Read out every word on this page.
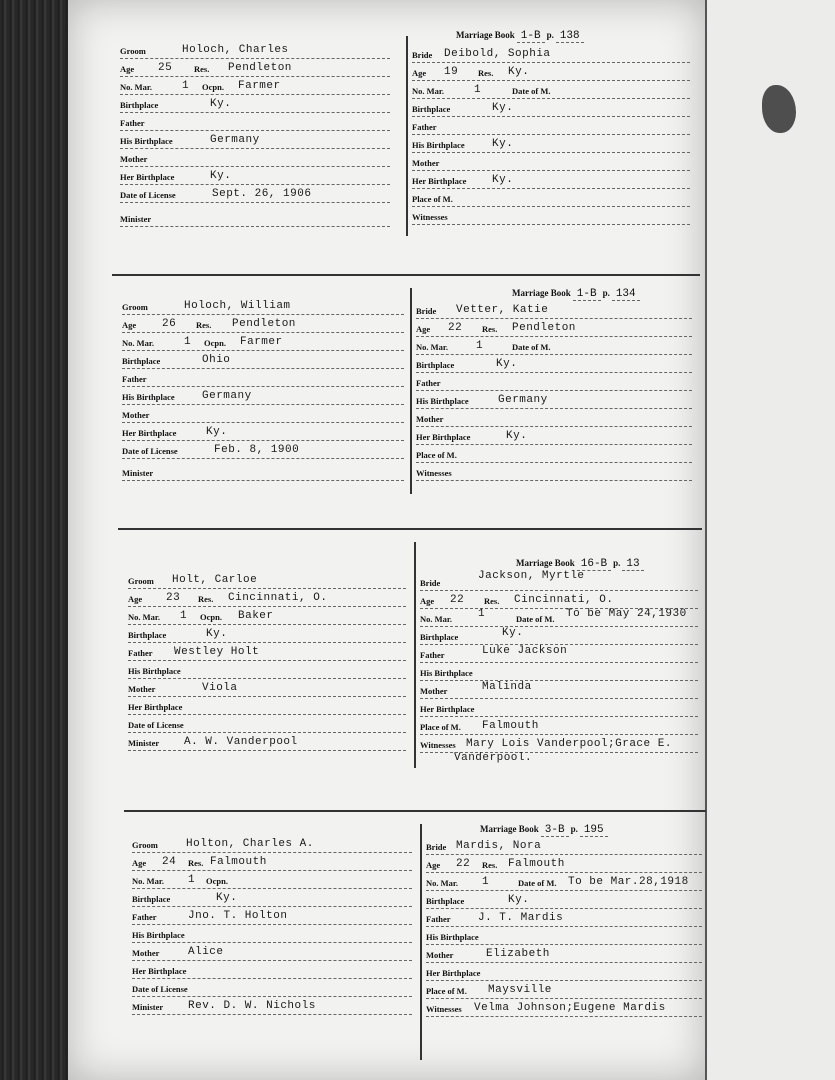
Marriage Book 1-B p. 138
Groom	Holoch, Charles
Age 25	Res. Pendleton
No. Mar.	1 Ocpn. Farmer
Birthplace	Ky.
Father
His Birthplace	Germany
Mother
Her Birthplace	Ky.
Date of License	Sept. 26, 1906
Minister
Bride Deibold, Sophia
Age 19 Res. Ky.
No. Mar.	1	Date of M.
Birthplace	Ky.
Father
His Birthplace Ky.
Mother
Her Birthplace Ky.
Place of M.
Witnesses
Marriage Book 1-B p. 134
Groom	Holoch, William
Age 26 Res. Pendleton
No. Mar.	1 Ocpn. Farmer
Birthplace	Ohio
Father
His Birthplace Germany
Mother
Her Birthplace	Ky.
Date of License	Feb. 8, 1900
Minister
Bride Vetter, Katie
Age 22 Res. Pendleton
No. Mar.	1	Date of M.
Birthplace	Ky.
Father
His Birthplace	Germany
Mother
Her Birthplace	Ky.
Place of M.
Witnesses
Marriage Book 16-B p. 13
Groom Holt, Carloe
Age 23 Res. Cincinnati, O.
No. Mar. 1 Ocpn. Baker
Birthplace	Ky.
Father Westley Holt
His Birthplace
Mother	Viola
Her Birthplace
Date of License
Minister A. W. Vanderpool
Bride
Jackson, Myrtle
Age 22 Res. Cincinnati, O.
No. Mar. 1	Date of M. To be May 24,1930
Birthplace	Ky.
Father	Luke Jackson
His Birthplace
Mother	Malinda
Her Birthplace
Place of M. Falmouth
Witnesses Mary Lois Vanderpool;Grace E.
Vanderpool.
Marriage Book 3-B p. 195
Groom	Holton, Charles A.
Age 24 Res. Falmouth
No. Mar. 1 Ocpn.
Birthplace	Ky.
Father	Jno. T. Holton
His Birthplace
Mother	Alice
Her Birthplace
Date of License
Minister Rev. D. W. Nichols
Bride Mardis, Nora
Age 22 Res. Falmouth
No. Mar. 1	Date of M. To be Mar.28,1918
Birthplace	Ky.
Father J. T. Mardis
His Birthplace
Mother	Elizabeth
Her Birthplace
Place of M. Maysville
Witnesses Velma Johnson;Eugene Mardis
